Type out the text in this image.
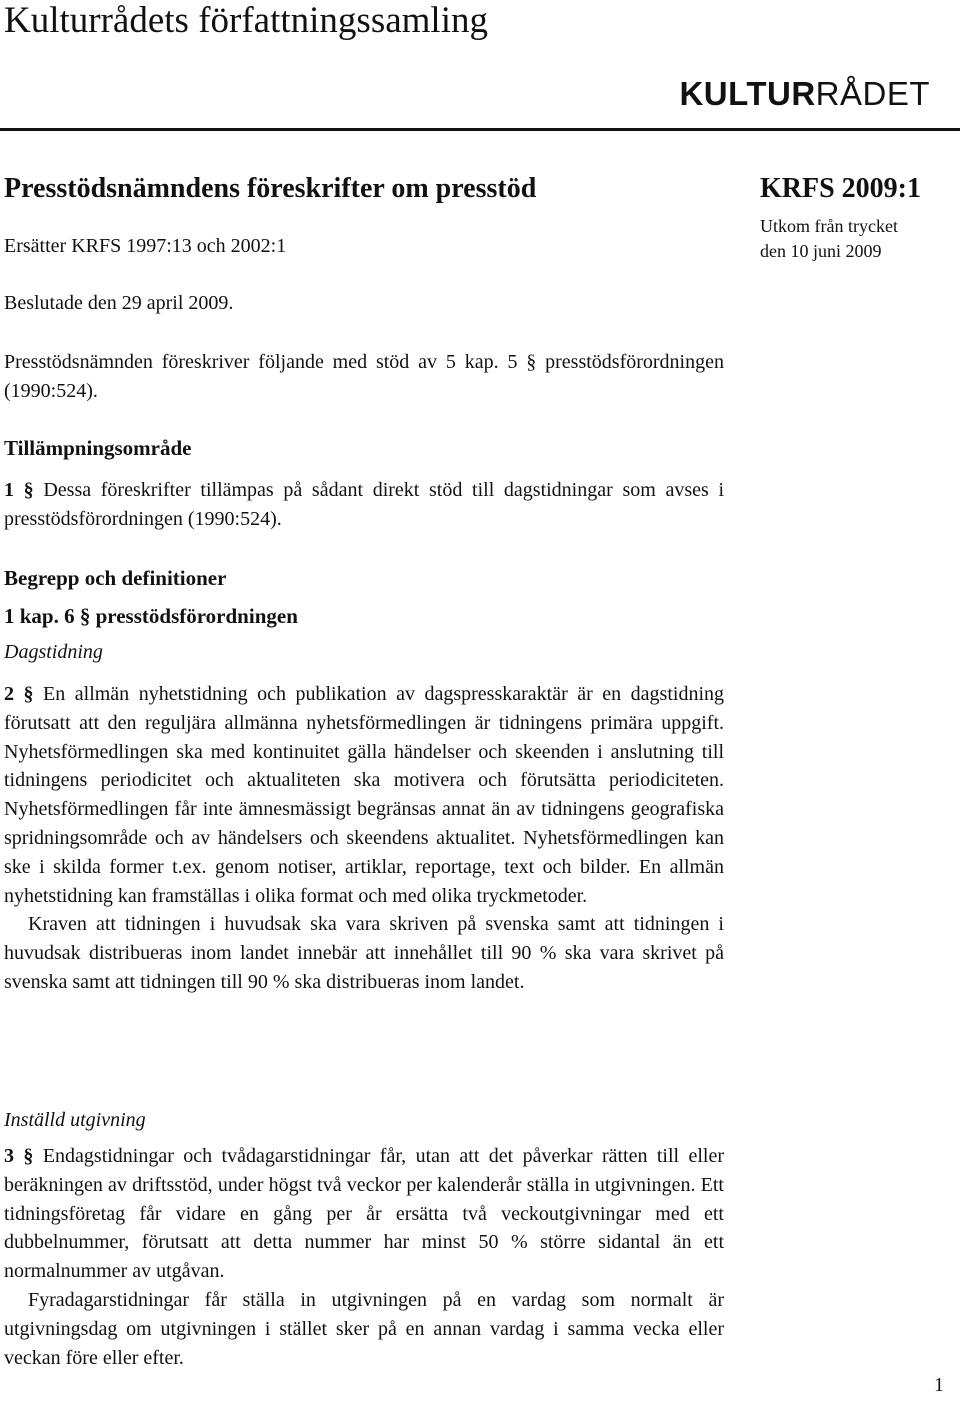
Kulturrådets författningssamling
KULTURRÅDET
Presstödsnämndens föreskrifter om presstöd
Ersätter KRFS 1997:13 och 2002:1
KRFS 2009:1
Utkom från trycket
den 10 juni 2009

Beslutade den 29 april 2009.

Presstödsnämnden föreskriver följande med stöd av 5 kap. 5 § presstödsförordningen (1990:524).

Tillämpningsområde

1 § Dessa föreskrifter tillämpas på sådant direkt stöd till dagstidningar som avses i presstödsförordningen (1990:524).

Begrepp och definitioner
1 kap. 6 § presstödsförordningen
Dagstidning

2 § En allmän nyhetstidning och publikation av dagspresskaraktär är en dagstidning förutsatt att den reguljära allmänna nyhetsförmedlingen är tidningens primära uppgift. Nyhetsförmedlingen ska med kontinuitet gälla händelser och skeenden i anslutning till tidningens periodicitet och aktualiteten ska motivera och förutsätta periodiciteten. Nyhetsförmedlingen får inte ämnesmässigt begränsas annat än av tidningens geografiska spridningsområde och av händelsers och skeendens aktualitet. Nyhetsförmedlingen kan ske i skilda former t.ex. genom notiser, artiklar, reportage, text och bilder. En allmän nyhetstidning kan framställas i olika format och med olika tryckmetoder.

Kraven att tidningen i huvudsak ska vara skriven på svenska samt att tidningen i huvudsak distribueras inom landet innebär att innehållet till 90 % ska vara skrivet på svenska samt att tidningen till 90 % ska distribueras inom landet.

Inställd utgivning

3 § Endagstidningar och tvådagarstidningar får, utan att det påverkar rätten till eller beräkningen av driftsstöd, under högst två veckor per kalenderår ställa in utgivningen. Ett tidningsföretag får vidare en gång per år ersätta två veckoutgivningar med ett dubbelnummer, förutsatt att detta nummer har minst 50 % större sidantal än ett normalnummer av utgåvan.

Fyradagarstidningar får ställa in utgivningen på en vardag som normalt är utgivningsdag om utgivningen i stället sker på en annan vardag i samma vecka eller veckan före eller efter.

1
